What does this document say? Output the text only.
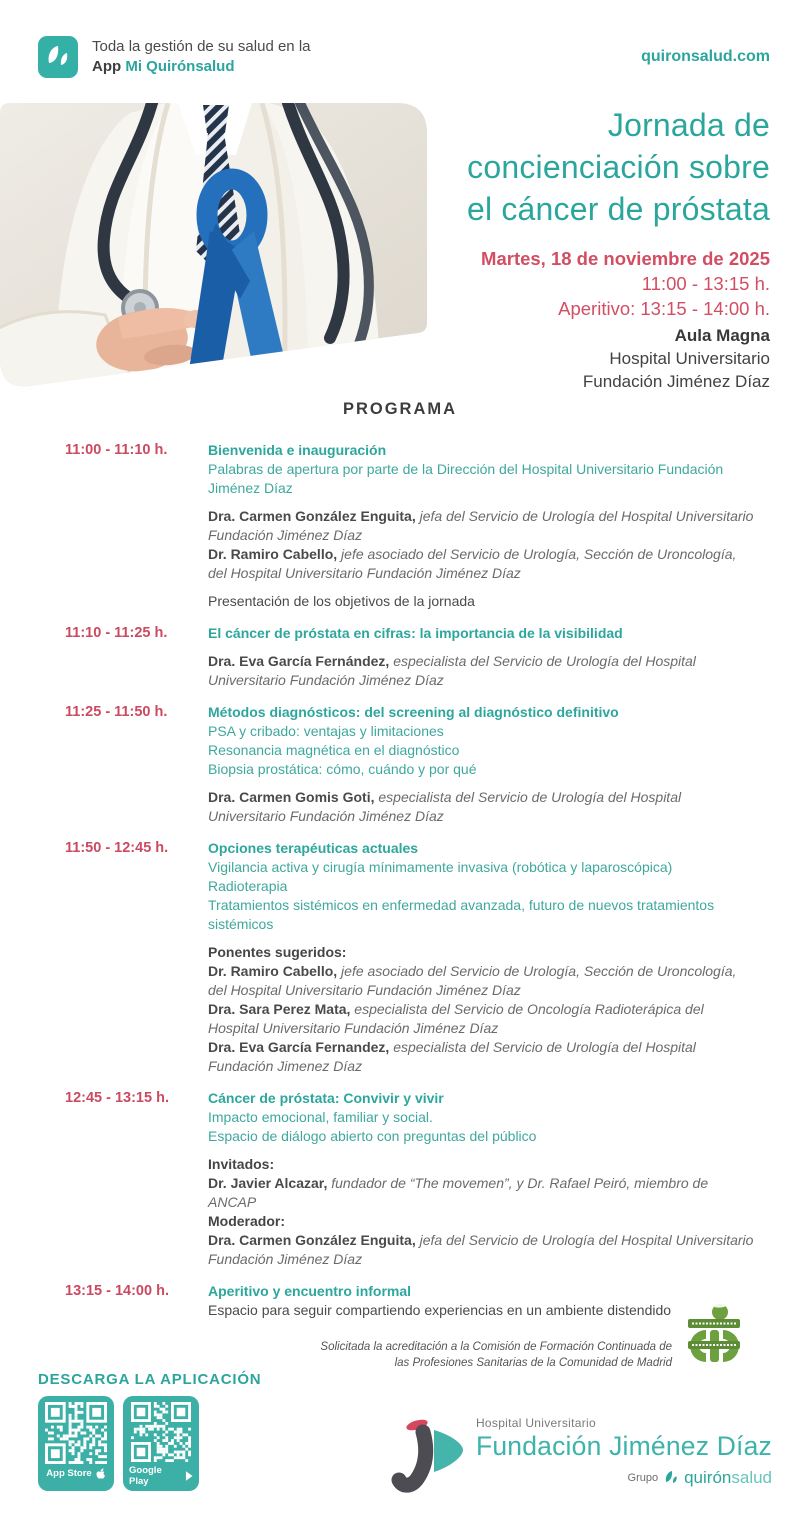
Toda la gestión de su salud en la
App Mi Quirónsalud
quironsalud.com
Jornada de
concienciación sobre
el cáncer de próstata
Martes, 18 de noviembre de 2025
11:00 - 13:15 h.
Aperitivo: 13:15 - 14:00 h.
Aula Magna
Hospital Universitario
Fundación Jiménez Díaz
PROGRAMA
11:00 - 11:10 h.	Bienvenida e inauguración
Palabras de apertura por parte de la Dirección del Hospital Universitario Fundación Jiménez Díaz
Dra. Carmen González Enguita, jefa del Servicio de Urología del Hospital Universitario Fundación Jiménez Díaz
Dr. Ramiro Cabello, jefe asociado del Servicio de Urología, Sección de Uroncología, del Hospital Universitario Fundación Jiménez Díaz
Presentación de los objetivos de la jornada
11:10 - 11:25 h.	El cáncer de próstata en cifras: la importancia de la visibilidad
Dra. Eva García Fernández, especialista del Servicio de Urología del Hospital Universitario Fundación Jiménez Díaz
11:25 - 11:50 h.	Métodos diagnósticos: del screening al diagnóstico definitivo
PSA y cribado: ventajas y limitaciones
Resonancia magnética en el diagnóstico
Biopsia prostática: cómo, cuándo y por qué
Dra. Carmen Gomis Goti, especialista del Servicio de Urología del Hospital Universitario Fundación Jiménez Díaz
11:50 - 12:45 h.	Opciones terapéuticas actuales
Vigilancia activa y cirugía mínimamente invasiva (robótica y laparoscópica)
Radioterapia
Tratamientos sistémicos en enfermedad avanzada, futuro de nuevos tratamientos sistémicos
Ponentes sugeridos:
Dr. Ramiro Cabello, jefe asociado del Servicio de Urología, Sección de Uroncología, del Hospital Universitario Fundación Jiménez Díaz
Dra. Sara Perez Mata, especialista del Servicio de Oncología Radioterápica del Hospital Universitario Fundación Jiménez Díaz
Dra. Eva García Fernandez, especialista del Servicio de Urología del Hospital Fundación Jimenez Díaz
12:45 - 13:15 h.	Cáncer de próstata: Convivir y vivir
Impacto emocional, familiar y social.
Espacio de diálogo abierto con preguntas del público
Invitados:
Dr. Javier Alcazar, fundador de “The movemen”, y Dr. Rafael Peiró, miembro de ANCAP
Moderador:
Dra. Carmen González Enguita, jefa del Servicio de Urología del Hospital Universitario Fundación Jiménez Díaz
13:15 - 14:00 h.	Aperitivo y encuentro informal
Espacio para seguir compartiendo experiencias en un ambiente distendido
Solicitada la acreditación a la Comisión de Formación Continuada de
las Profesiones Sanitarias de la Comunidad de Madrid
DESCARGA LA APLICACIÓN
App Store	Google Play
Hospital Universitario
Fundación Jiménez Díaz
Grupo quirónsalud
